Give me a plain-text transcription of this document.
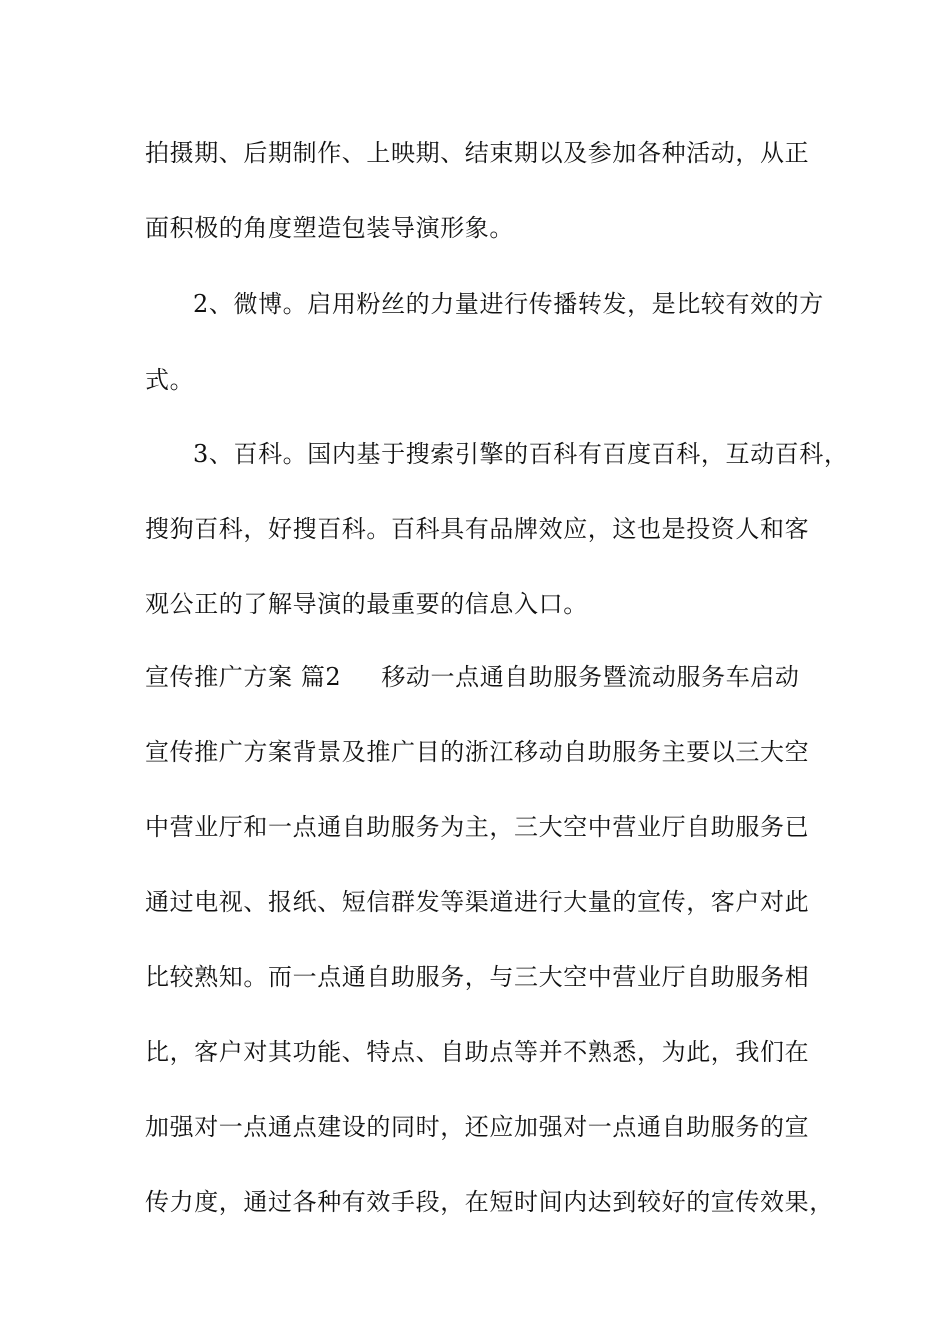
拍摄期、后期制作、上映期、结束期以及参加各种活动，从正
面积极的角度塑造包装导演形象。
2、微博。启用粉丝的力量进行传播转发，是比较有效的方
式。
3、百科。国内基于搜索引擎的百科有百度百科，互动百科，
搜狗百科，好搜百科。百科具有品牌效应，这也是投资人和客
观公正的了解导演的最重要的信息入口。
宣传推广方案 篇2 移动一点通自助服务暨流动服务车启动
宣传推广方案背景及推广目的浙江移动自助服务主要以三大空
中营业厅和一点通自助服务为主，三大空中营业厅自助服务已
通过电视、报纸、短信群发等渠道进行大量的宣传，客户对此
比较熟知。而一点通自助服务，与三大空中营业厅自助服务相
比，客户对其功能、特点、自助点等并不熟悉，为此，我们在
加强对一点通点建设的同时，还应加强对一点通自助服务的宣
传力度，通过各种有效手段，在短时间内达到较好的宣传效果，
